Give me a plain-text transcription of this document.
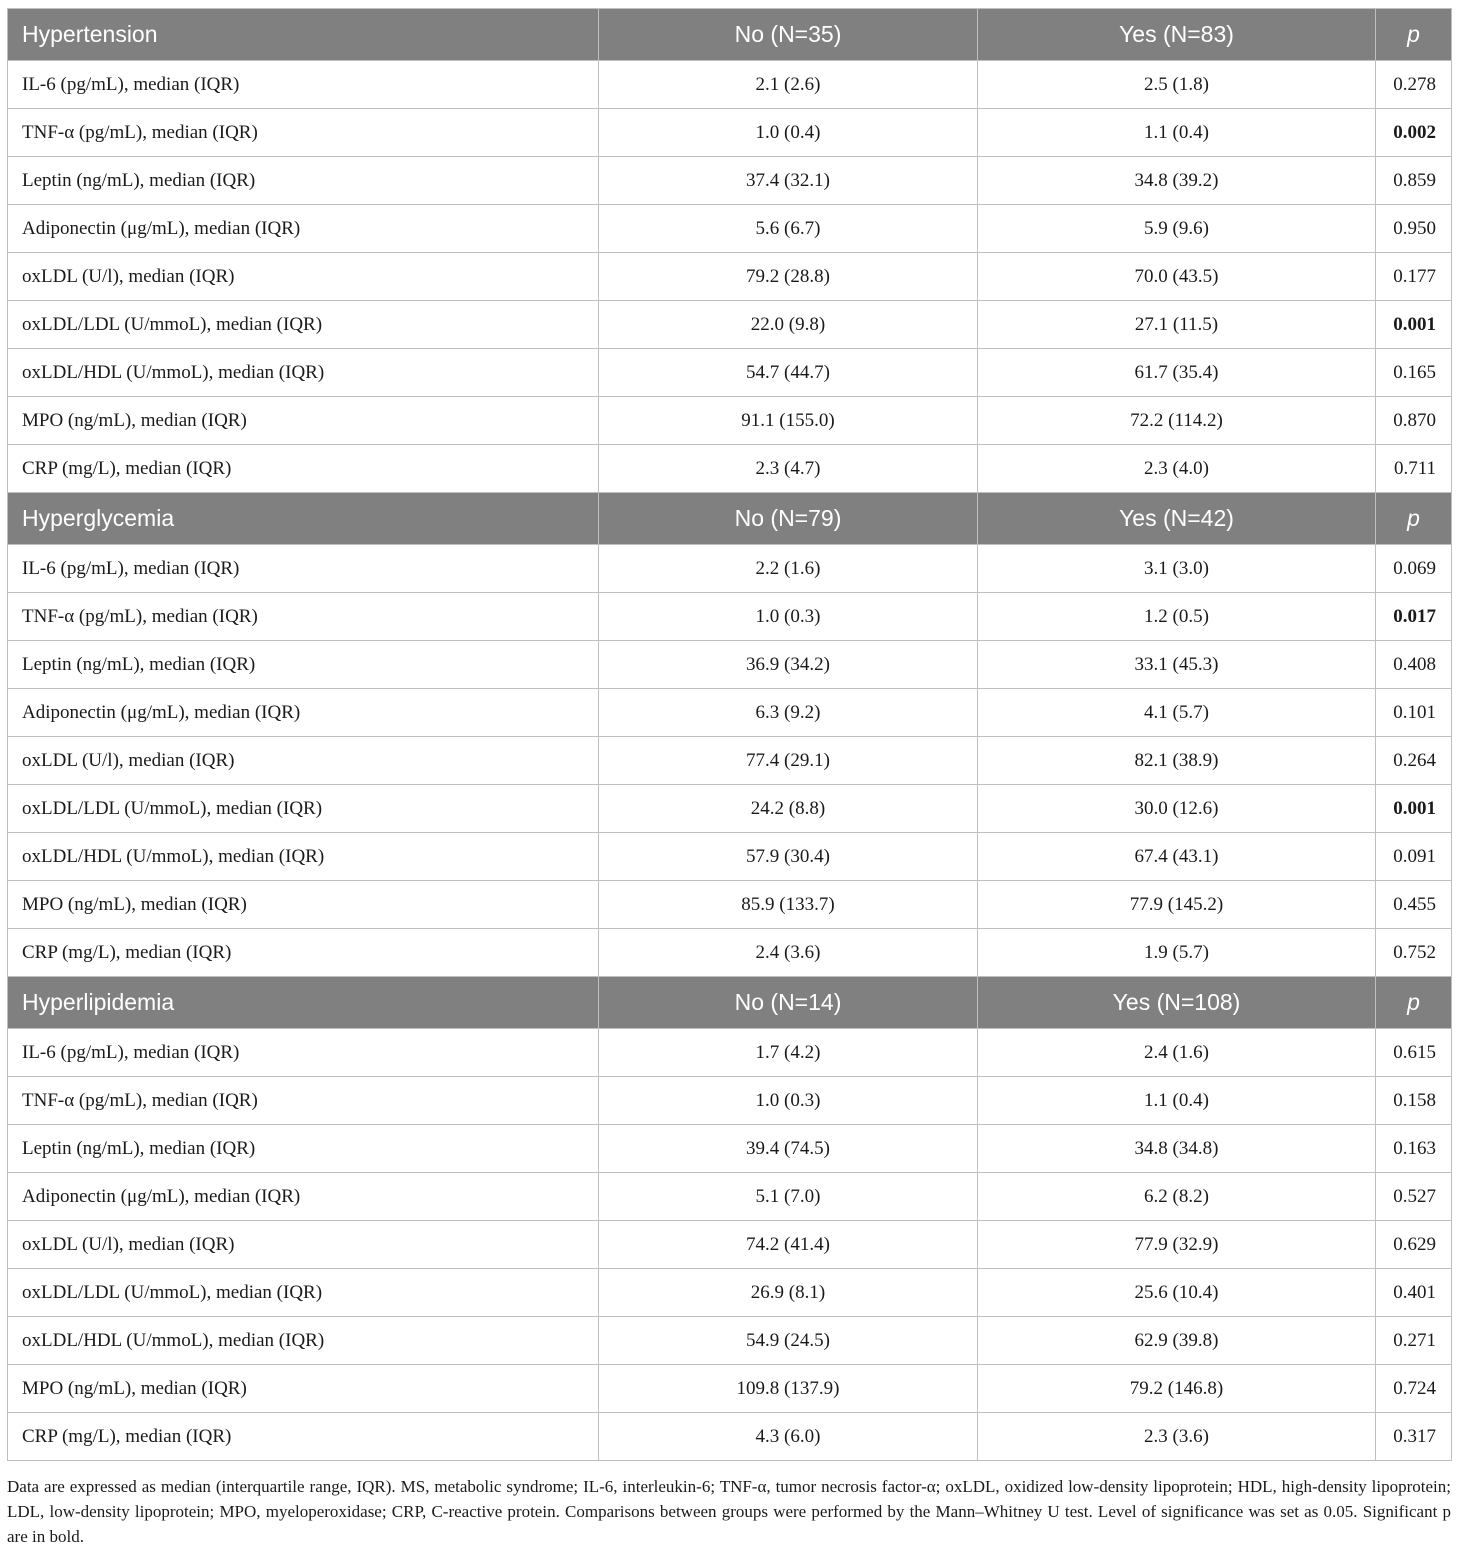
Hypertension	No (N=35)	Yes (N=83)	p
IL-6 (pg/mL), median (IQR)	2.1 (2.6)	2.5 (1.8)	0.278
TNF-α (pg/mL), median (IQR)	1.0 (0.4)	1.1 (0.4)	0.002
Leptin (ng/mL), median (IQR)	37.4 (32.1)	34.8 (39.2)	0.859
Adiponectin (μg/mL), median (IQR)	5.6 (6.7)	5.9 (9.6)	0.950
oxLDL (U/l), median (IQR)	79.2 (28.8)	70.0 (43.5)	0.177
oxLDL/LDL (U/mmoL), median (IQR)	22.0 (9.8)	27.1 (11.5)	0.001
oxLDL/HDL (U/mmoL), median (IQR)	54.7 (44.7)	61.7 (35.4)	0.165
MPO (ng/mL), median (IQR)	91.1 (155.0)	72.2 (114.2)	0.870
CRP (mg/L), median (IQR)	2.3 (4.7)	2.3 (4.0)	0.711
Hyperglycemia	No (N=79)	Yes (N=42)	p
IL-6 (pg/mL), median (IQR)	2.2 (1.6)	3.1 (3.0)	0.069
TNF-α (pg/mL), median (IQR)	1.0 (0.3)	1.2 (0.5)	0.017
Leptin (ng/mL), median (IQR)	36.9 (34.2)	33.1 (45.3)	0.408
Adiponectin (μg/mL), median (IQR)	6.3 (9.2)	4.1 (5.7)	0.101
oxLDL (U/l), median (IQR)	77.4 (29.1)	82.1 (38.9)	0.264
oxLDL/LDL (U/mmoL), median (IQR)	24.2 (8.8)	30.0 (12.6)	0.001
oxLDL/HDL (U/mmoL), median (IQR)	57.9 (30.4)	67.4 (43.1)	0.091
MPO (ng/mL), median (IQR)	85.9 (133.7)	77.9 (145.2)	0.455
CRP (mg/L), median (IQR)	2.4 (3.6)	1.9 (5.7)	0.752
Hyperlipidemia	No (N=14)	Yes (N=108)	p
IL-6 (pg/mL), median (IQR)	1.7 (4.2)	2.4 (1.6)	0.615
TNF-α (pg/mL), median (IQR)	1.0 (0.3)	1.1 (0.4)	0.158
Leptin (ng/mL), median (IQR)	39.4 (74.5)	34.8 (34.8)	0.163
Adiponectin (μg/mL), median (IQR)	5.1 (7.0)	6.2 (8.2)	0.527
oxLDL (U/l), median (IQR)	74.2 (41.4)	77.9 (32.9)	0.629
oxLDL/LDL (U/mmoL), median (IQR)	26.9 (8.1)	25.6 (10.4)	0.401
oxLDL/HDL (U/mmoL), median (IQR)	54.9 (24.5)	62.9 (39.8)	0.271
MPO (ng/mL), median (IQR)	109.8 (137.9)	79.2 (146.8)	0.724
CRP (mg/L), median (IQR)	4.3 (6.0)	2.3 (3.6)	0.317
Data are expressed as median (interquartile range, IQR). MS, metabolic syndrome; IL-6, interleukin-6; TNF-α, tumor necrosis factor-α; oxLDL, oxidized low-density lipoprotein; HDL, high-density lipoprotein; LDL, low-density lipoprotein; MPO, myeloperoxidase; CRP, C-reactive protein. Comparisons between groups were performed by the Mann–Whitney U test. Level of significance was set as 0.05. Significant p are in bold.
